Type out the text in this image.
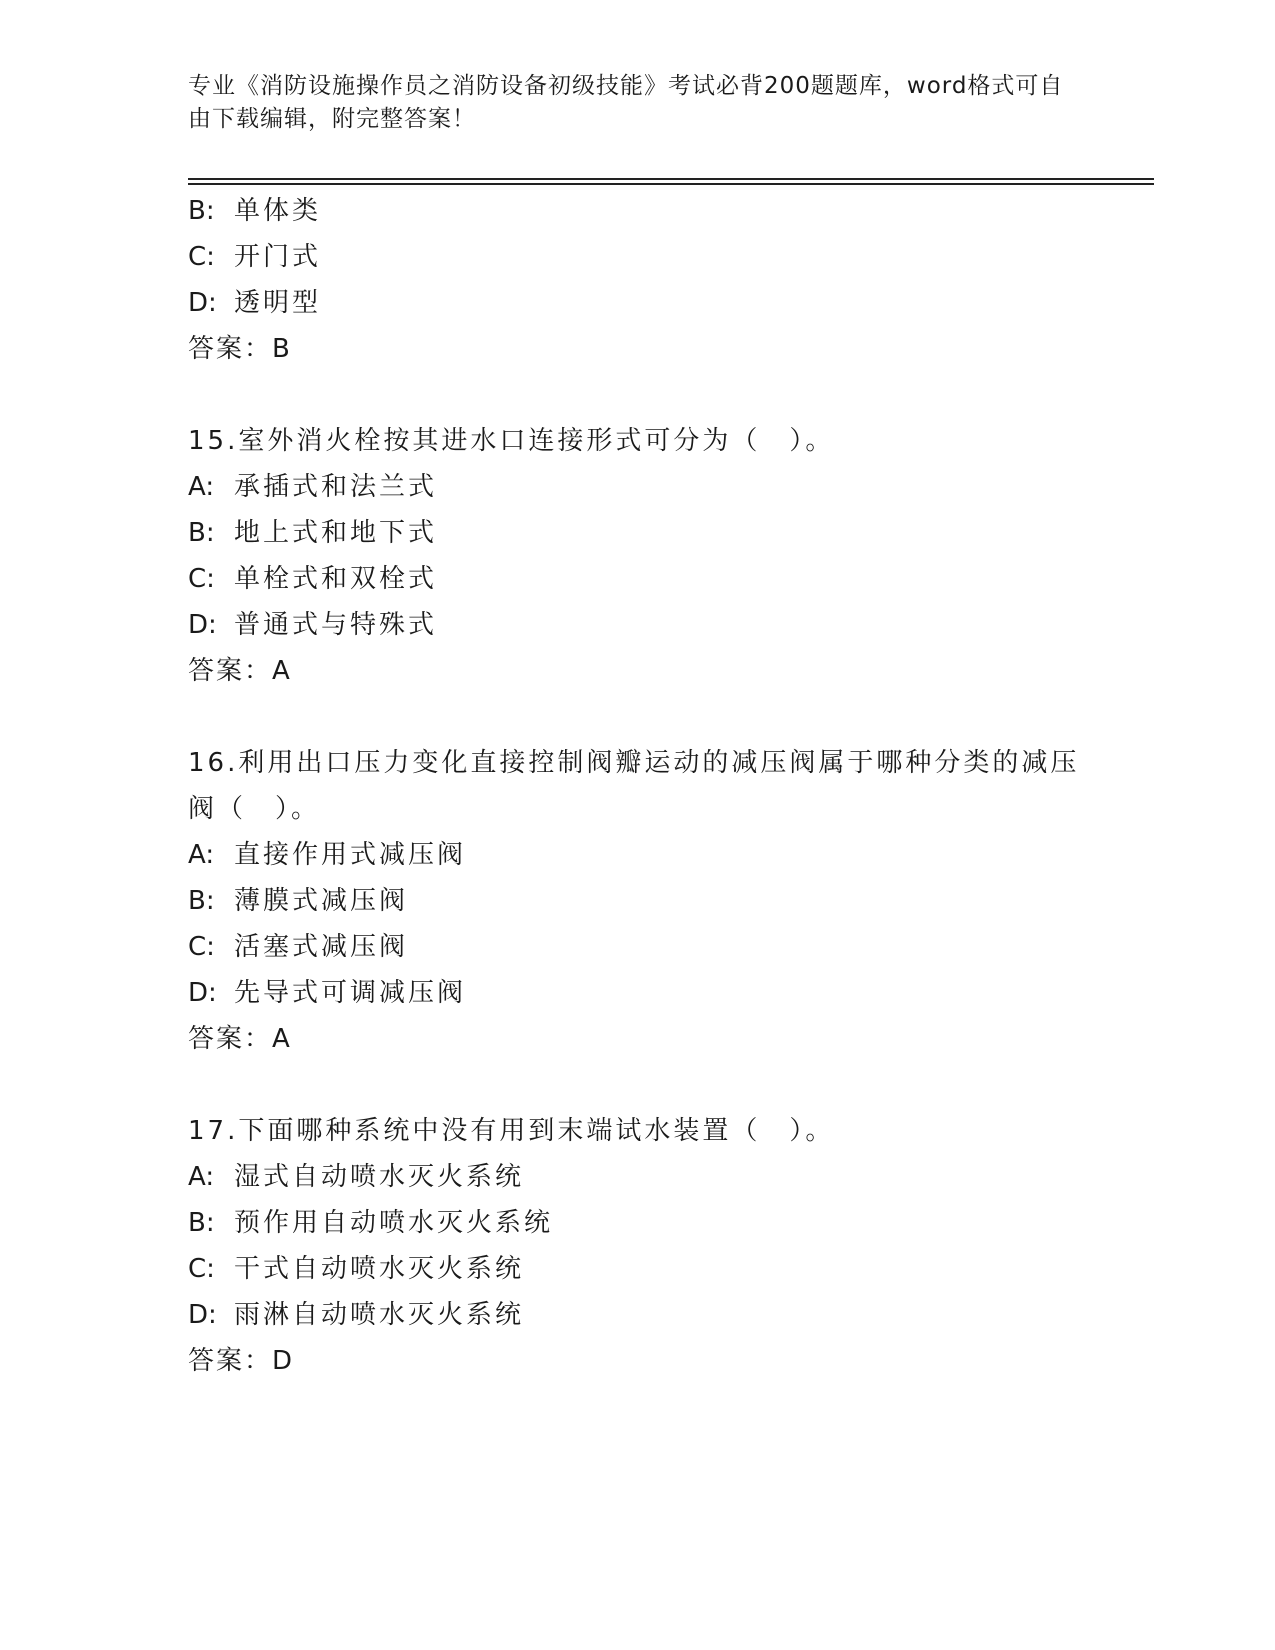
专业《消防设施操作员之消防设备初级技能》考试必背200题题库，word格式可自由下载编辑，附完整答案！
B: 单体类
C: 开门式
D: 透明型
答案：B
15.室外消火栓按其进水口连接形式可分为（　）。
A: 承插式和法兰式
B: 地上式和地下式
C: 单栓式和双栓式
D: 普通式与特殊式
答案：A
16.利用出口压力变化直接控制阀瓣运动的减压阀属于哪种分类的减压阀（　）。
A: 直接作用式减压阀
B: 薄膜式减压阀
C: 活塞式减压阀
D: 先导式可调减压阀
答案：A
17.下面哪种系统中没有用到末端试水装置（　）。
A: 湿式自动喷水灭火系统
B: 预作用自动喷水灭火系统
C: 干式自动喷水灭火系统
D: 雨淋自动喷水灭火系统
答案：D
